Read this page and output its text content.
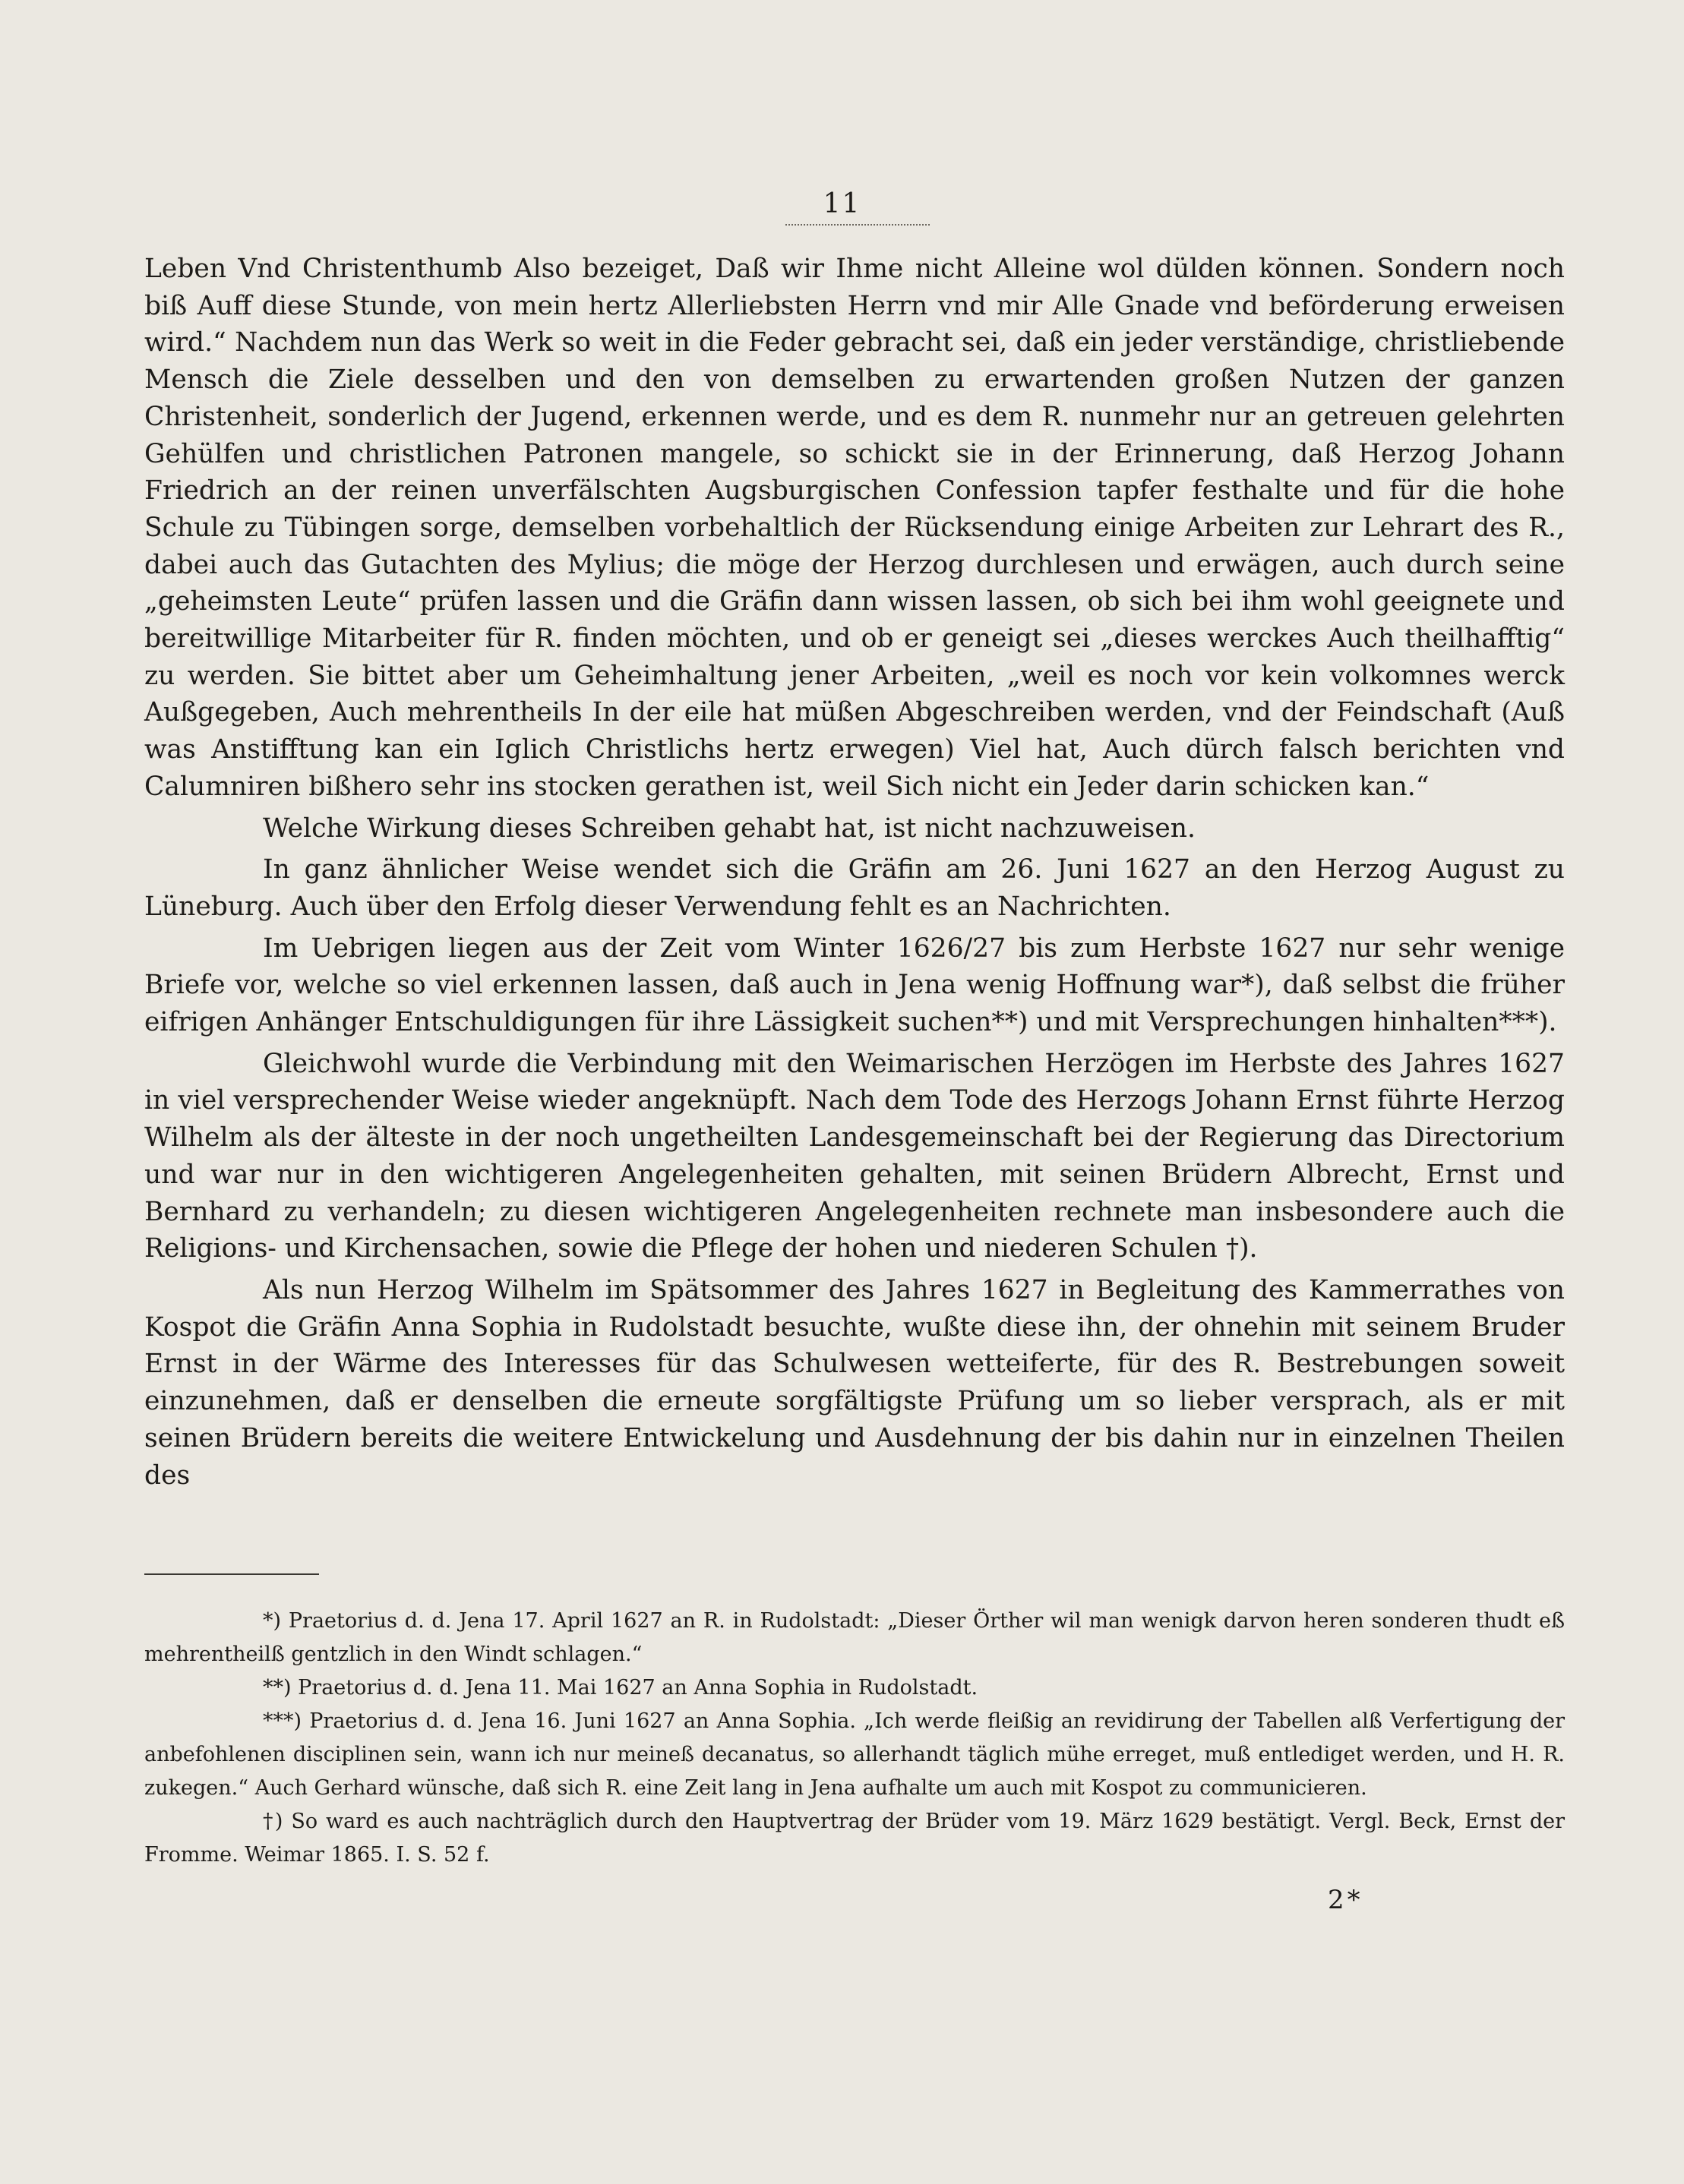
11

Leben Vnd Christenthumb Also bezeiget, Daß wir Ihme nicht Alleine wol dülden können. Sondern noch biß Auff diese Stunde, von mein hertz Allerliebsten Herrn vnd mir Alle Gnade vnd beförderung erweisen wird.“ Nachdem nun das Werk so weit in die Feder gebracht sei, daß ein jeder verständige, christliebende Mensch die Ziele desselben und den von demselben zu erwartenden großen Nutzen der ganzen Christenheit, sonderlich der Jugend, erkennen werde, und es dem R. nunmehr nur an getreuen gelehrten Gehülfen und christlichen Patronen mangele, so schickt sie in der Erinnerung, daß Herzog Johann Friedrich an der reinen unverfälschten Augsburgischen Confession tapfer festhalte und für die hohe Schule zu Tübingen sorge, demselben vorbehaltlich der Rücksendung einige Arbeiten zur Lehrart des R., dabei auch das Gutachten des Mylius; die möge der Herzog durchlesen und erwägen, auch durch seine „geheimsten Leute“ prüfen lassen und die Gräfin dann wissen lassen, ob sich bei ihm wohl geeignete und bereitwillige Mitarbeiter für R. finden möchten, und ob er geneigt sei „dieses werckes Auch theilhafftig“ zu werden. Sie bittet aber um Geheimhaltung jener Arbeiten, „weil es noch vor kein volkomnes werck Außgegeben, Auch mehrentheils In der eile hat müßen Abgeschreiben werden, vnd der Feindschaft (Auß was Anstifftung kan ein Iglich Christlichs hertz erwegen) Viel hat, Auch dürch falsch berichten vnd Calumniren bißhero sehr ins stocken gerathen ist, weil Sich nicht ein Jeder darin schicken kan.“

Welche Wirkung dieses Schreiben gehabt hat, ist nicht nachzuweisen.

In ganz ähnlicher Weise wendet sich die Gräfin am 26. Juni 1627 an den Herzog August zu Lüneburg. Auch über den Erfolg dieser Verwendung fehlt es an Nachrichten.

Im Uebrigen liegen aus der Zeit vom Winter 1626/27 bis zum Herbste 1627 nur sehr wenige Briefe vor, welche so viel erkennen lassen, daß auch in Jena wenig Hoffnung war*), daß selbst die früher eifrigen Anhänger Entschuldigungen für ihre Lässigkeit suchen**) und mit Versprechungen hinhalten***).

Gleichwohl wurde die Verbindung mit den Weimarischen Herzögen im Herbste des Jahres 1627 in viel versprechender Weise wieder angeknüpft. Nach dem Tode des Herzogs Johann Ernst führte Herzog Wilhelm als der älteste in der noch ungetheilten Landesgemeinschaft bei der Regierung das Directorium und war nur in den wichtigeren Angelegenheiten gehalten, mit seinen Brüdern Albrecht, Ernst und Bernhard zu verhandeln; zu diesen wichtigeren Angelegenheiten rechnete man insbesondere auch die Religions- und Kirchensachen, sowie die Pflege der hohen und niederen Schulen †).

Als nun Herzog Wilhelm im Spätsommer des Jahres 1627 in Begleitung des Kammerrathes von Kospot die Gräfin Anna Sophia in Rudolstadt besuchte, wußte diese ihn, der ohnehin mit seinem Bruder Ernst in der Wärme des Interesses für das Schulwesen wetteiferte, für des R. Bestrebungen soweit einzunehmen, daß er denselben die erneute sorgfältigste Prüfung um so lieber versprach, als er mit seinen Brüdern bereits die weitere Entwickelung und Ausdehnung der bis dahin nur in einzelnen Theilen des

*) Praetorius d. d. Jena 17. April 1627 an R. in Rudolstadt: „Dieser Örther wil man wenigk darvon heren sonderen thudt eß mehrentheilß gentzlich in den Windt schlagen.“

**) Praetorius d. d. Jena 11. Mai 1627 an Anna Sophia in Rudolstadt.

***) Praetorius d. d. Jena 16. Juni 1627 an Anna Sophia. „Ich werde fleißig an revidirung der Tabellen alß Verfertigung der anbefohlenen disciplinen sein, wann ich nur meineß decanatus, so allerhandt täglich mühe erreget, muß entlediget werden, und H. R. zukegen.“ Auch Gerhard wünsche, daß sich R. eine Zeit lang in Jena aufhalte um auch mit Kospot zu communicieren.

†) So ward es auch nachträglich durch den Hauptvertrag der Brüder vom 19. März 1629 bestätigt. Vergl. Beck, Ernst der Fromme. Weimar 1865. I. S. 52 f.

2*
